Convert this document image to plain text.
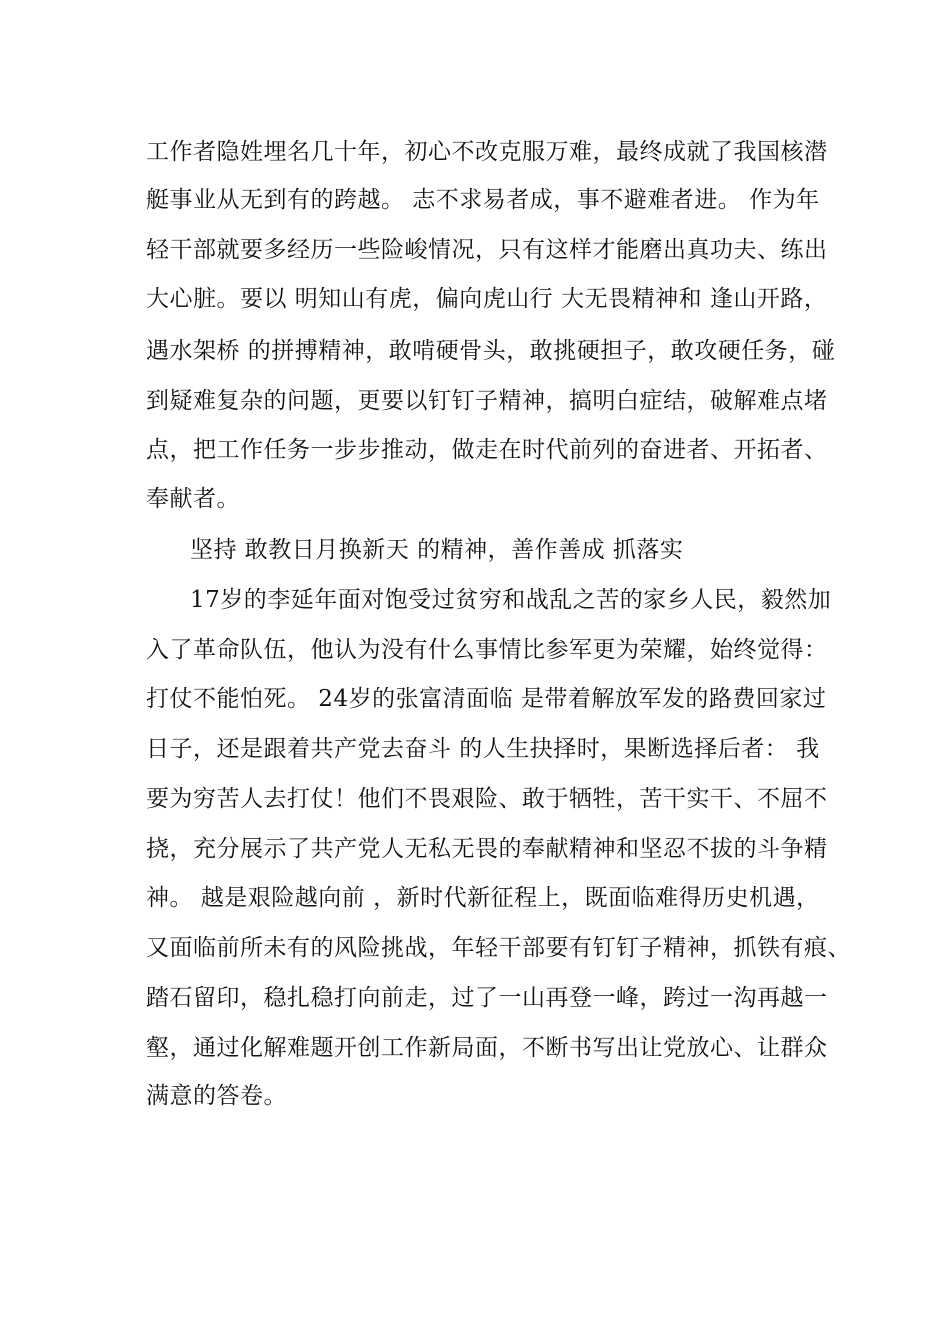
工作者隐姓埋名几十年，初心不改克服万难，最终成就了我国核潜
艇事业从无到有的跨越。 志不求易者成，事不避难者进。 作为年
轻干部就要多经历一些险峻情况，只有这样才能磨出真功夫、练出
大心脏。要以 明知山有虎，偏向虎山行 大无畏精神和 逢山开路，
遇水架桥 的拼搏精神，敢啃硬骨头，敢挑硬担子，敢攻硬任务，碰
到疑难复杂的问题，更要以钉钉子精神，搞明白症结，破解难点堵
点，把工作任务一步步推动，做走在时代前列的奋进者、开拓者、
奉献者。
坚持 敢教日月换新天 的精神，善作善成 抓落实
17岁的李延年面对饱受过贫穷和战乱之苦的家乡人民，毅然加
入了革命队伍，他认为没有什么事情比参军更为荣耀，始终觉得：
打仗不能怕死。 24岁的张富清面临 是带着解放军发的路费回家过
日子，还是跟着共产党去奋斗 的人生抉择时，果断选择后者： 我
要为穷苦人去打仗！他们不畏艰险、敢于牺牲，苦干实干、不屈不
挠，充分展示了共产党人无私无畏的奉献精神和坚忍不拔的斗争精
神。 越是艰险越向前 ，新时代新征程上，既面临难得历史机遇，
又面临前所未有的风险挑战，年轻干部要有钉钉子精神，抓铁有痕、
踏石留印，稳扎稳打向前走，过了一山再登一峰，跨过一沟再越一
壑，通过化解难题开创工作新局面，不断书写出让党放心、让群众
满意的答卷。
